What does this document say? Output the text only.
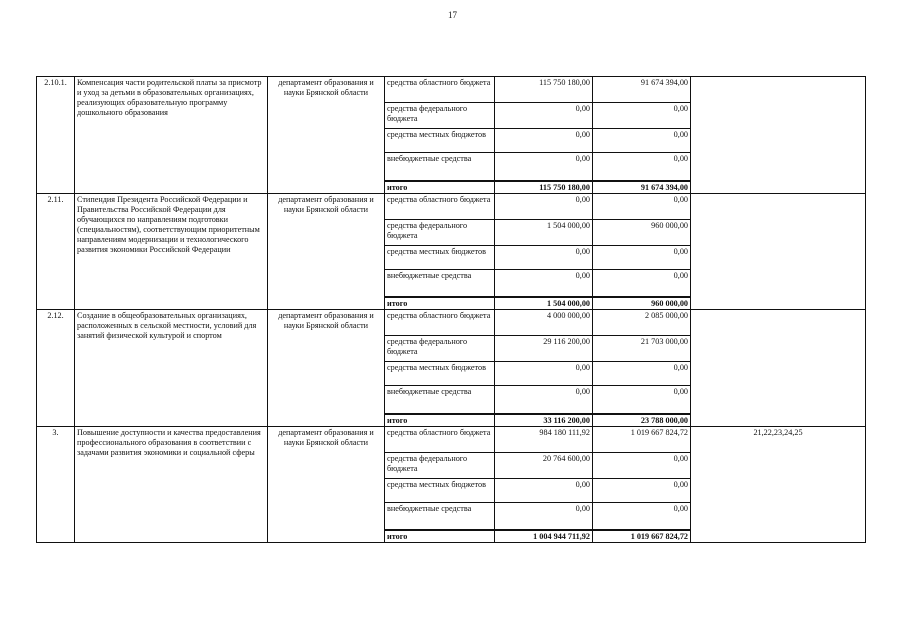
17
2.10.1.	Компенсация части родительской платы за присмотр и уход за детьми в образовательных организациях, реализующих образовательную программу дошкольного образования	департамент образования и науки Брянской области	средства областного бюджета	115 750 180,00	91 674 394,00	
			средства федерального бюджета	0,00	0,00	
			средства местных бюджетов	0,00	0,00	
			внебюджетные средства	0,00	0,00	
			итого	115 750 180,00	91 674 394,00	
2.11.	Стипендия Президента Российской Федерации и Правительства Российской Федерации для обучающихся по направлениям подготовки (специальностям), соответствующим приоритетным направлениям модернизации и технологического развития экономики Российской Федерации	департамент образования и науки Брянской области	средства областного бюджета	0,00	0,00	
			средства федерального бюджета	1 504 000,00	960 000,00	
			средства местных бюджетов	0,00	0,00	
			внебюджетные средства	0,00	0,00	
			итого	1 504 000,00	960 000,00	
2.12.	Создание в общеобразовательных организациях, расположенных в сельской местности, условий для занятий физической культурой и спортом	департамент образования и науки Брянской области	средства областного бюджета	4 000 000,00	2 085 000,00	
			средства федерального бюджета	29 116 200,00	21 703 000,00	
			средства местных бюджетов	0,00	0,00	
			внебюджетные средства	0,00	0,00	
			итого	33 116 200,00	23 788 000,00	
3.	Повышение доступности и качества предоставления профессионального образования в соответствии с задачами развития экономики и социальной сферы	департамент образования и науки Брянской области	средства областного бюджета	984 180 111,92	1 019 667 824,72	21,22,23,24,25
			средства федерального бюджета	20 764 600,00	0,00	
			средства местных бюджетов	0,00	0,00	
			внебюджетные средства	0,00	0,00	
			итого	1 004 944 711,92	1 019 667 824,72	
